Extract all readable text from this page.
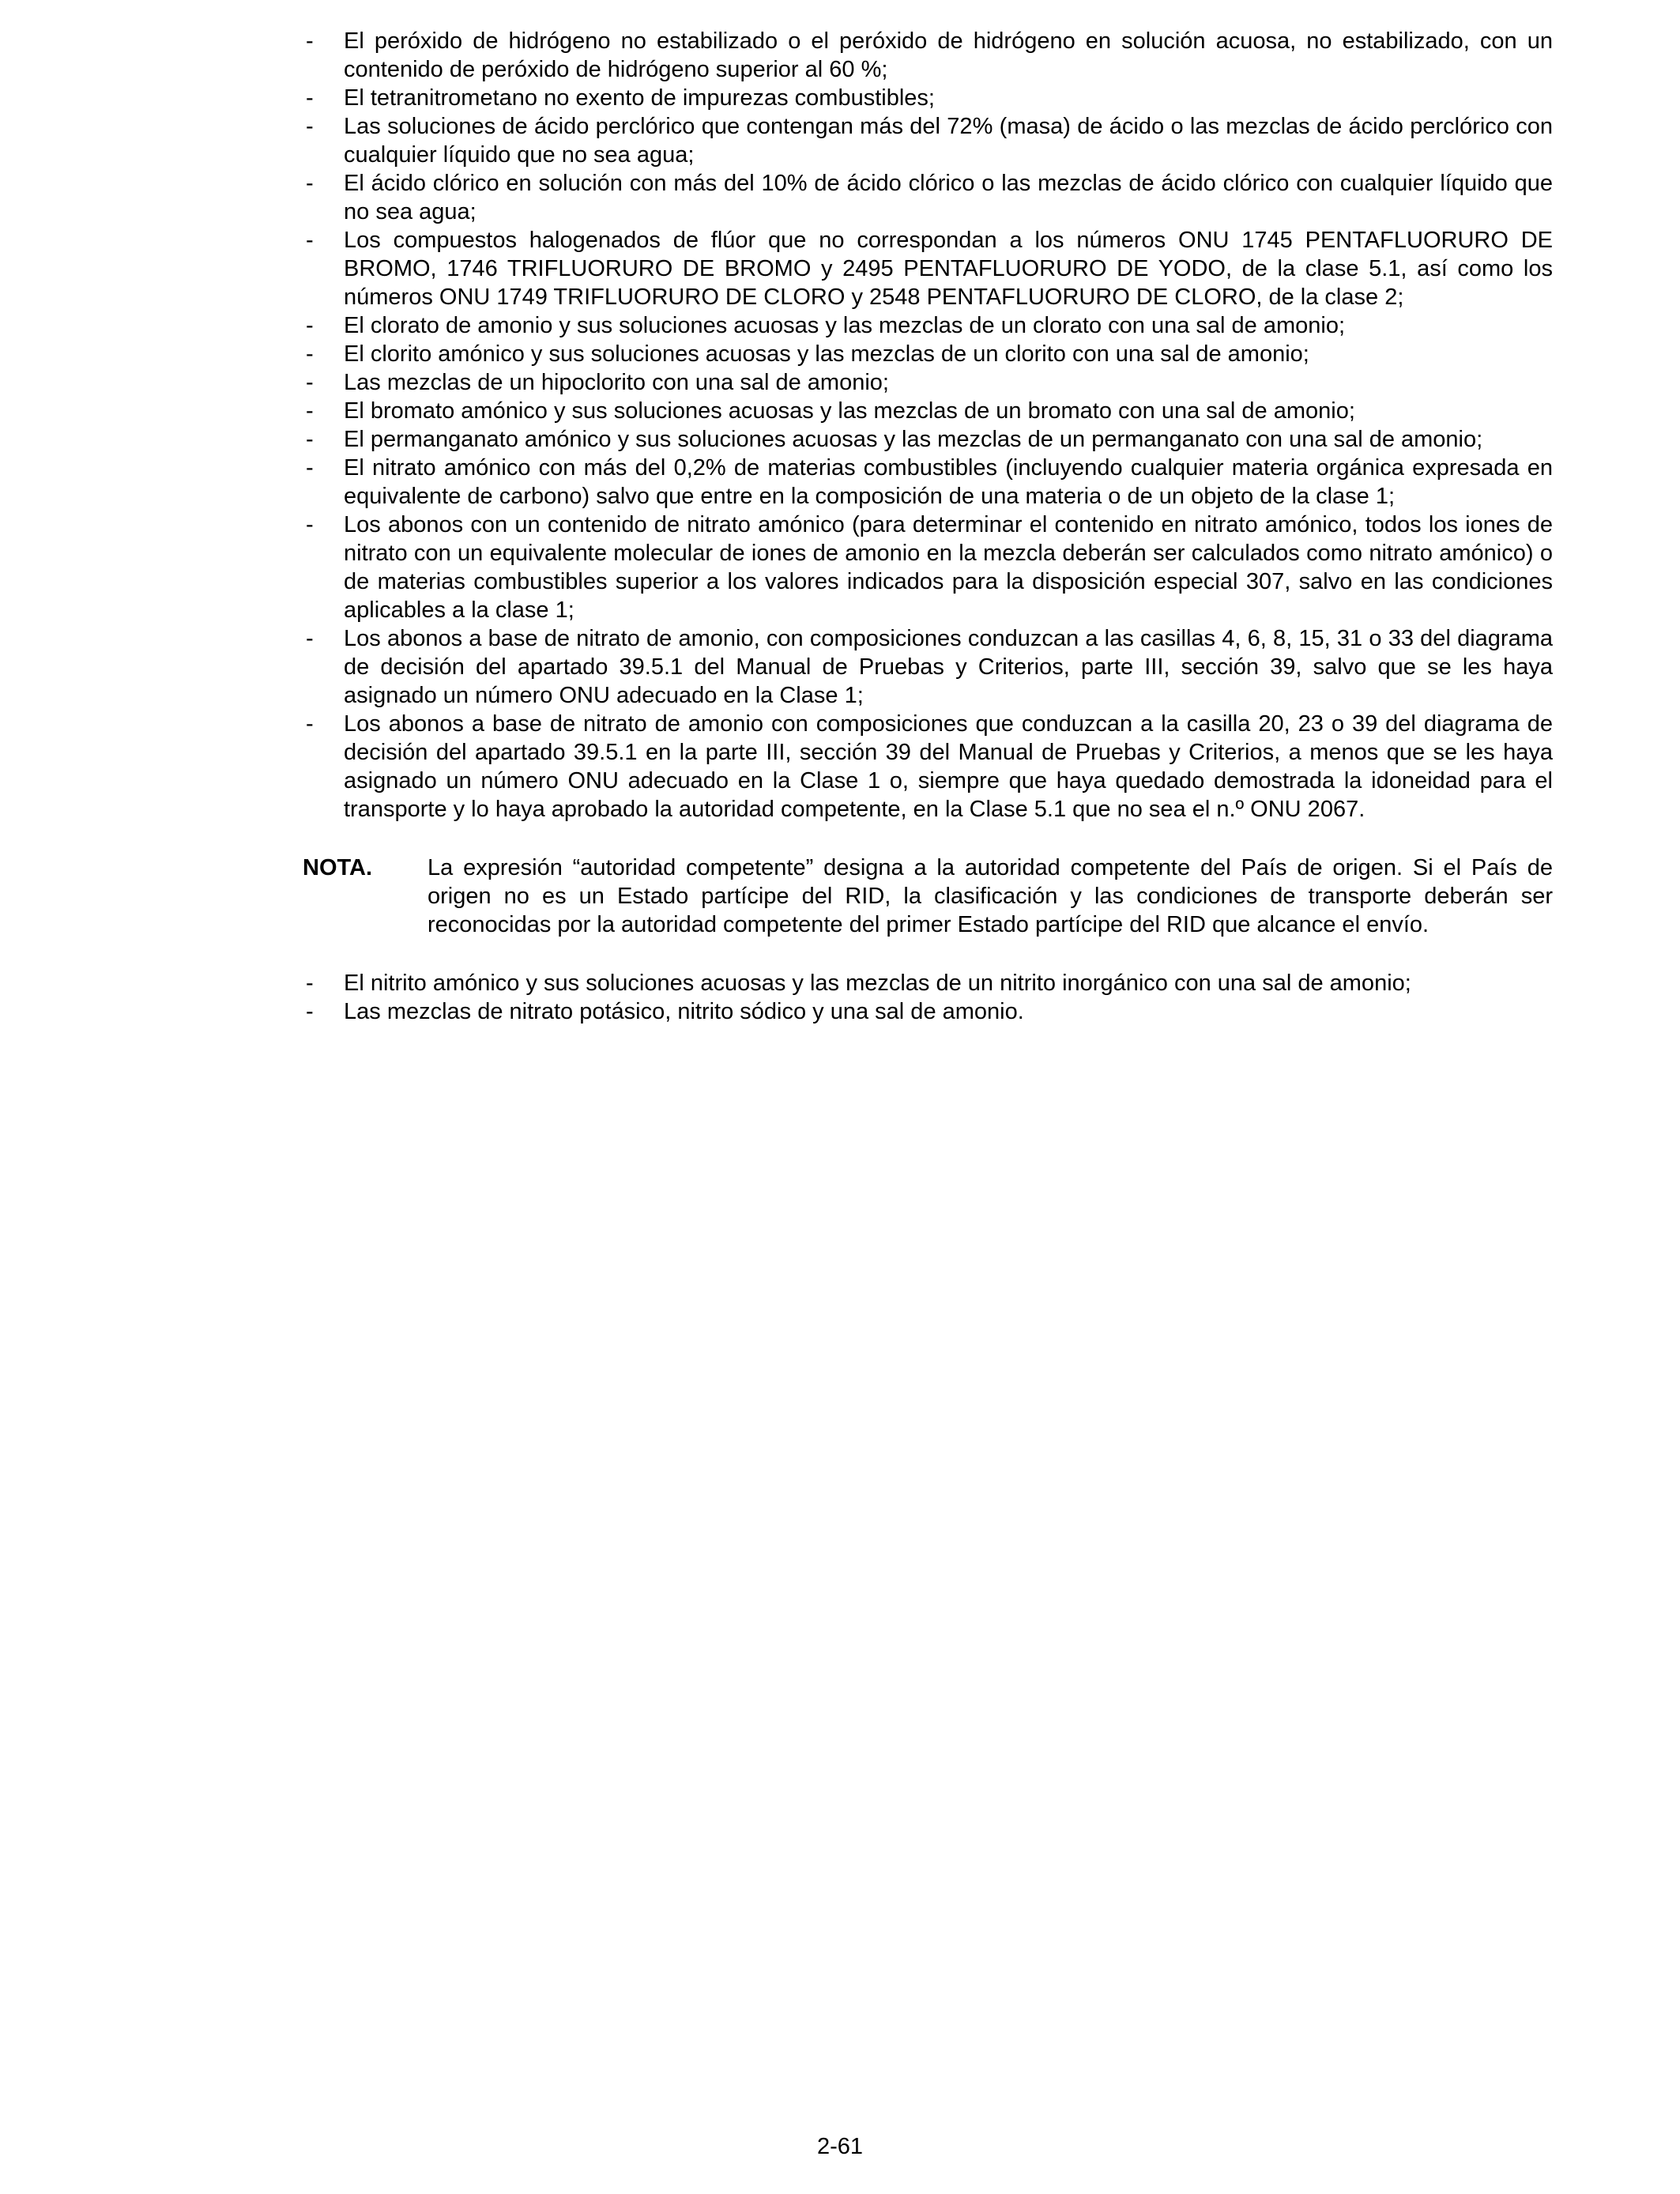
- El peróxido de hidrógeno no estabilizado o el peróxido de hidrógeno en solución acuosa, no estabilizado, con un contenido de peróxido de hidrógeno superior al 60 %;
- El tetranitrometano no exento de impurezas combustibles;
- Las soluciones de ácido perclórico que contengan más del 72% (masa) de ácido o las mezclas de ácido perclórico con cualquier líquido que no sea agua;
- El ácido clórico en solución con más del 10% de ácido clórico o las mezclas de ácido clórico con cualquier líquido que no sea agua;
- Los compuestos halogenados de flúor que no correspondan a los números ONU 1745 PENTAFLUORURO DE BROMO, 1746 TRIFLUORURO DE BROMO y 2495 PENTAFLUORURO DE YODO, de la clase 5.1, así como los números ONU 1749 TRIFLUORURO DE CLORO y 2548 PENTAFLUORURO DE CLORO, de la clase 2;
- El clorato de amonio y sus soluciones acuosas y las mezclas de un clorato con una sal de amonio;
- El clorito amónico y sus soluciones acuosas y las mezclas de un clorito con una sal de amonio;
- Las mezclas de un hipoclorito con una sal de amonio;
- El bromato amónico y sus soluciones acuosas y las mezclas de un bromato con una sal de amonio;
- El permanganato amónico y sus soluciones acuosas y las mezclas de un permanganato con una sal de amonio;
- El nitrato amónico con más del 0,2% de materias combustibles (incluyendo cualquier materia orgánica expresada en equivalente de carbono) salvo que entre en la composición de una materia o de un objeto de la clase 1;
- Los abonos con un contenido de nitrato amónico (para determinar el contenido en nitrato amónico, todos los iones de nitrato con un equivalente molecular de iones de amonio en la mezcla deberán ser calculados como nitrato amónico) o de materias combustibles superior a los valores indicados para la disposición especial 307, salvo en las condiciones aplicables a la clase 1;
- Los abonos a base de nitrato de amonio, con composiciones conduzcan a las casillas 4, 6, 8, 15, 31 o 33 del diagrama de decisión del apartado 39.5.1 del Manual de Pruebas y Criterios, parte III, sección 39, salvo que se les haya asignado un número ONU adecuado en la Clase 1;
- Los abonos a base de nitrato de amonio con composiciones que conduzcan a la casilla 20, 23 o 39 del diagrama de decisión del apartado 39.5.1 en la parte III, sección 39 del Manual de Pruebas y Criterios, a menos que se les haya asignado un número ONU adecuado en la Clase 1 o, siempre que haya quedado demostrada la idoneidad para el transporte y lo haya aprobado la autoridad competente, en la Clase 5.1 que no sea el n.º ONU 2067.
NOTA. La expresión “autoridad competente” designa a la autoridad competente del País de origen. Si el País de origen no es un Estado partícipe del RID, la clasificación y las condiciones de transporte deberán ser reconocidas por la autoridad competente del primer Estado partícipe del RID que alcance el envío.
- El nitrito amónico y sus soluciones acuosas y las mezclas de un nitrito inorgánico con una sal de amonio;
- Las mezclas de nitrato potásico, nitrito sódico y una sal de amonio.
2-61
